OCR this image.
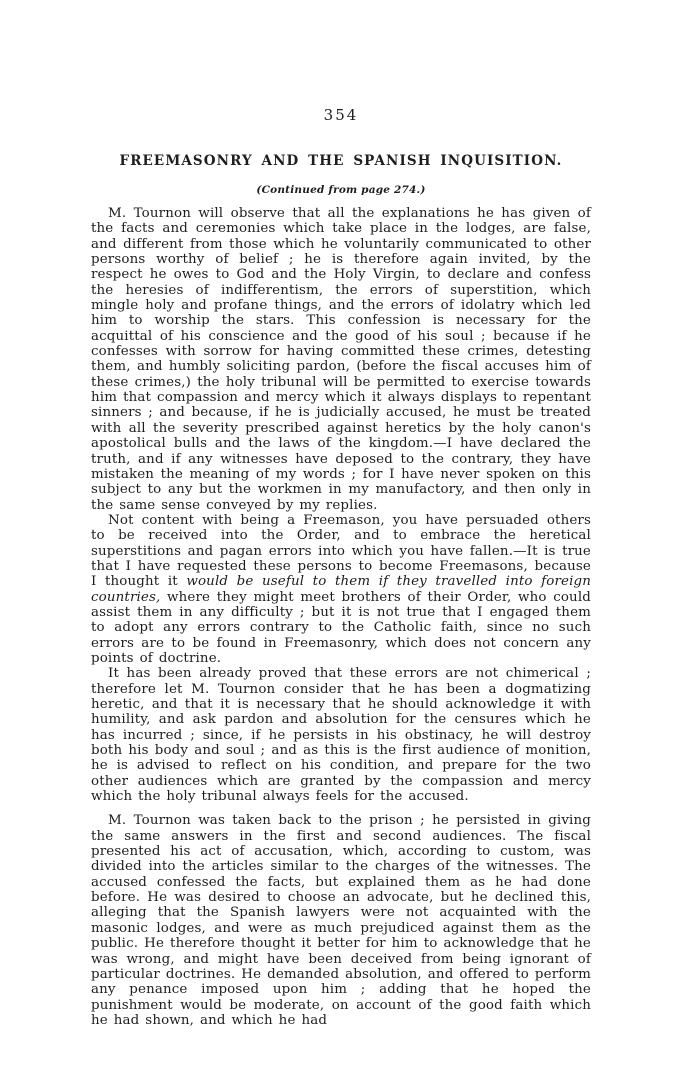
354
FREEMASONRY AND THE SPANISH INQUISITION.
(Continued from page 274.)

M. Tournon will observe that all the explanations he has given of the facts and ceremonies which take place in the lodges, are false, and different from those which he voluntarily communicated to other persons worthy of belief ; he is therefore again invited, by the respect he owes to God and the Holy Virgin, to declare and confess the heresies of indifferentism, the errors of superstition, which mingle holy and profane things, and the errors of idolatry which led him to worship the stars. This confession is necessary for the acquittal of his conscience and the good of his soul ; because if he confesses with sorrow for having committed these crimes, detesting them, and humbly soliciting pardon, (before the fiscal accuses him of these crimes,) the holy tribunal will be permitted to exercise towards him that compassion and mercy which it always displays to repentant sinners ; and because, if he is judicially accused, he must be treated with all the severity prescribed against heretics by the holy canon's apostolical bulls and the laws of the kingdom.—I have declared the truth, and if any witnesses have deposed to the contrary, they have mistaken the meaning of my words ; for I have never spoken on this subject to any but the workmen in my manufactory, and then only in the same sense conveyed by my replies.

Not content with being a Freemason, you have persuaded others to be received into the Order, and to embrace the heretical superstitions and pagan errors into which you have fallen.—It is true that I have requested these persons to become Freemasons, because I thought it would be useful to them if they travelled into foreign countries, where they might meet brothers of their Order, who could assist them in any difficulty ; but it is not true that I engaged them to adopt any errors contrary to the Catholic faith, since no such errors are to be found in Freemasonry, which does not concern any points of doctrine.

It has been already proved that these errors are not chimerical ; therefore let M. Tournon consider that he has been a dogmatizing heretic, and that it is necessary that he should acknowledge it with humility, and ask pardon and absolution for the censures which he has incurred ; since, if he persists in his obstinacy, he will destroy both his body and soul ; and as this is the first audience of monition, he is advised to reflect on his condition, and prepare for the two other audiences which are granted by the compassion and mercy which the holy tribunal always feels for the accused.

M. Tournon was taken back to the prison ; he persisted in giving the same answers in the first and second audiences. The fiscal presented his act of accusation, which, according to custom, was divided into the articles similar to the charges of the witnesses. The accused confessed the facts, but explained them as he had done before. He was desired to choose an advocate, but he declined this, alleging that the Spanish lawyers were not acquainted with the masonic lodges, and were as much prejudiced against them as the public. He therefore thought it better for him to acknowledge that he was wrong, and might have been deceived from being ignorant of particular doctrines. He demanded absolution, and offered to perform any penance imposed upon him ; adding that he hoped the punishment would be moderate, on account of the good faith which he had shown, and which he had
